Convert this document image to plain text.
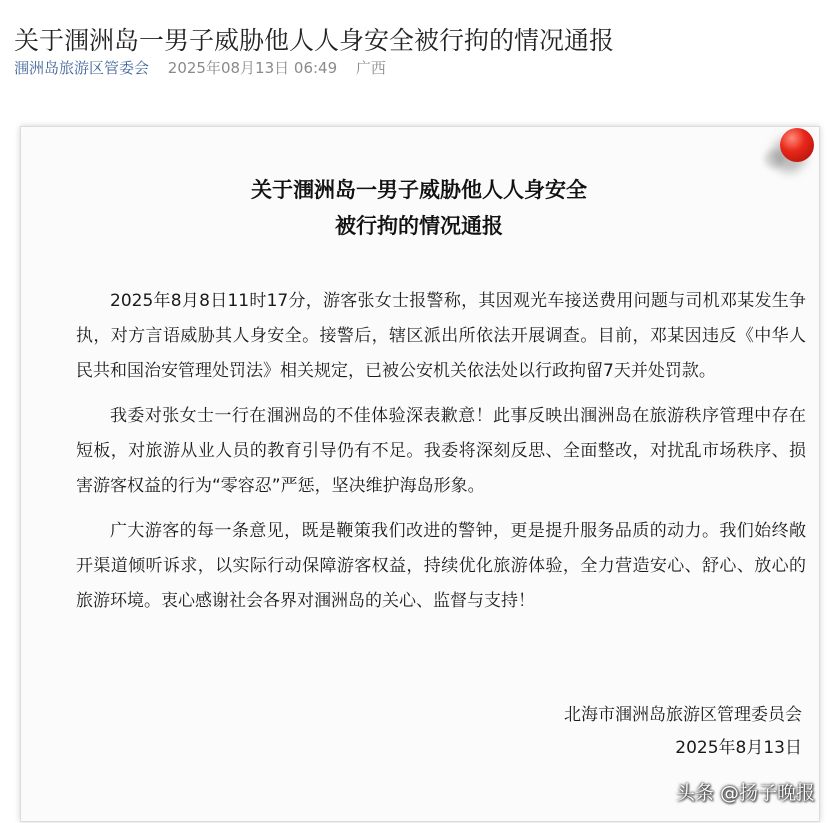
关于涠洲岛一男子威胁他人人身安全被行拘的情况通报
涠洲岛旅游区管委会 2025年08月13日 06:49 广西
关于涠洲岛一男子威胁他人人身安全
被行拘的情况通报

2025年8月8日11时17分，游客张女士报警称，其因观光车接送费用问题与司机邓某发生争执，对方言语威胁其人身安全。接警后，辖区派出所依法开展调查。目前，邓某因违反《中华人民共和国治安管理处罚法》相关规定，已被公安机关依法处以行政拘留7天并处罚款。

我委对张女士一行在涠洲岛的不佳体验深表歉意！此事反映出涠洲岛在旅游秩序管理中存在短板，对旅游从业人员的教育引导仍有不足。我委将深刻反思、全面整改，对扰乱市场秩序、损害游客权益的行为“零容忍”严惩，坚决维护海岛形象。

广大游客的每一条意见，既是鞭策我们改进的警钟，更是提升服务品质的动力。我们始终敞开渠道倾听诉求，以实际行动保障游客权益，持续优化旅游体验，全力营造安心、舒心、放心的旅游环境。衷心感谢社会各界对涠洲岛的关心、监督与支持！

北海市涠洲岛旅游区管理委员会
2025年8月13日
头条 @扬子晚报
